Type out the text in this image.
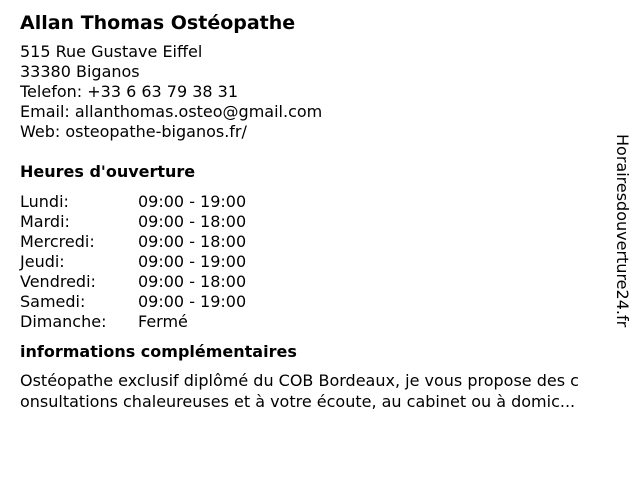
Allan Thomas Ostéopathe
515 Rue Gustave Eiffel
33380 Biganos
Telefon: +33 6 63 79 38 31
Email: allanthomas.osteo@gmail.com
Web: osteopathe-biganos.fr/
Heures d'ouverture
Lundi:	09:00 - 19:00
Mardi:	09:00 - 18:00
Mercredi:	09:00 - 18:00
Jeudi:	09:00 - 19:00
Vendredi:	09:00 - 18:00
Samedi:	09:00 - 19:00
Dimanche:	Fermé
informations complémentaires
Ostéopathe exclusif diplômé du COB Bordeaux, je vous propose des c
onsultations chaleureuses et à votre écoute, au cabinet ou à domic...
Horairesdouverture24.fr
